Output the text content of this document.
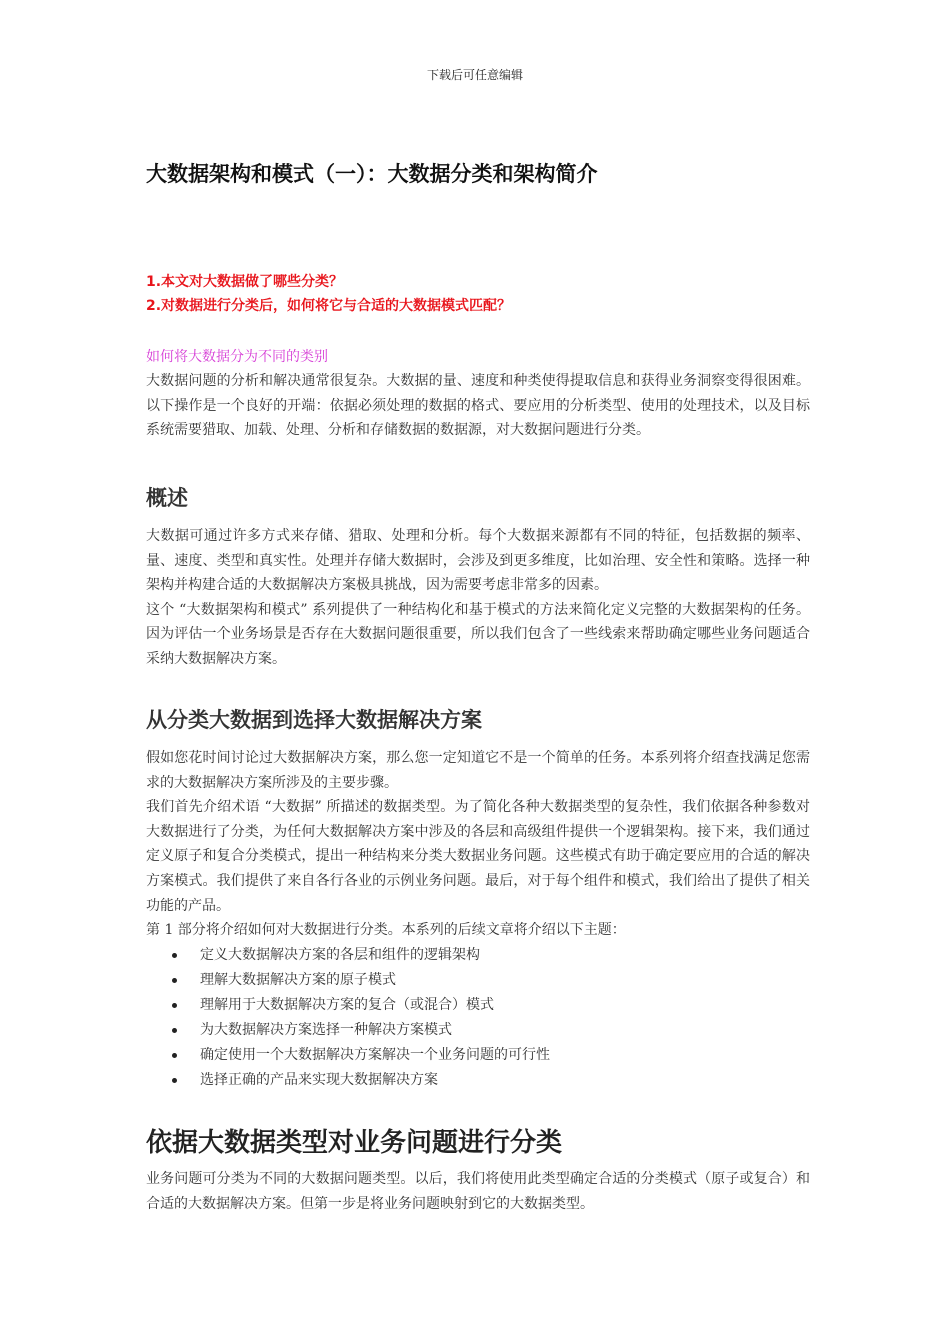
下载后可任意编辑
大数据架构和模式（一）：大数据分类和架构简介
1.本文对大数据做了哪些分类？
2.对数据进行分类后，如何将它与合适的大数据模式匹配？
如何将大数据分为不同的类别

大数据问题的分析和解决通常很复杂。大数据的量、速度和种类使得提取信息和获得业务洞察变得很困难。以下操作是一个良好的开端：依据必须处理的数据的格式、要应用的分析类型、使用的处理技术，以及目标系统需要猎取、加载、处理、分析和存储数据的数据源，对大数据问题进行分类。

概述

大数据可通过许多方式来存储、猎取、处理和分析。每个大数据来源都有不同的特征，包括数据的频率、量、速度、类型和真实性。处理并存储大数据时，会涉及到更多维度，比如治理、安全性和策略。选择一种架构并构建合适的大数据解决方案极具挑战，因为需要考虑非常多的因素。

这个 “大数据架构和模式” 系列提供了一种结构化和基于模式的方法来简化定义完整的大数据架构的任务。因为评估一个业务场景是否存在大数据问题很重要，所以我们包含了一些线索来帮助确定哪些业务问题适合采纳大数据解决方案。

从分类大数据到选择大数据解决方案

假如您花时间讨论过大数据解决方案，那么您一定知道它不是一个简单的任务。本系列将介绍查找满足您需求的大数据解决方案所涉及的主要步骤。

我们首先介绍术语 “大数据” 所描述的数据类型。为了简化各种大数据类型的复杂性，我们依据各种参数对大数据进行了分类，为任何大数据解决方案中涉及的各层和高级组件提供一个逻辑架构。接下来，我们通过定义原子和复合分类模式，提出一种结构来分类大数据业务问题。这些模式有助于确定要应用的合适的解决方案模式。我们提供了来自各行各业的示例业务问题。最后，对于每个组件和模式，我们给出了提供了相关功能的产品。

第 1 部分将介绍如何对大数据进行分类。本系列的后续文章将介绍以下主题：

定义大数据解决方案的各层和组件的逻辑架构
理解大数据解决方案的原子模式
理解用于大数据解决方案的复合（或混合）模式
为大数据解决方案选择一种解决方案模式
确定使用一个大数据解决方案解决一个业务问题的可行性
选择正确的产品来实现大数据解决方案
依据大数据类型对业务问题进行分类

业务问题可分类为不同的大数据问题类型。以后，我们将使用此类型确定合适的分类模式（原子或复合）和合适的大数据解决方案。但第一步是将业务问题映射到它的大数据类型。
